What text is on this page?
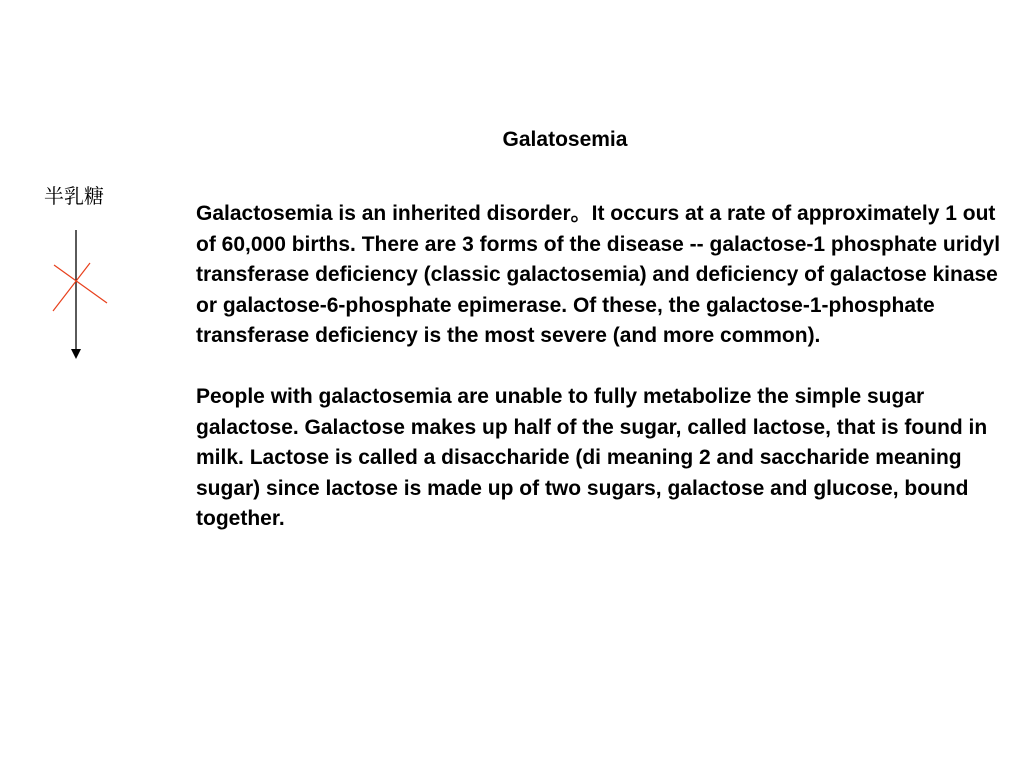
Galatosemia
半乳糖

Galactosemia is an inherited disorder。It occurs at a rate of approximately 1 out of 60,000 births. There are 3 forms of the disease -- galactose-1 phosphate uridyl transferase deficiency (classic galactosemia) and deficiency of galactose kinase or galactose-6-phosphate epimerase. Of these, the galactose-1-phosphate transferase deficiency is the most severe (and more common).

People with galactosemia are unable to fully metabolize the simple sugar galactose. Galactose makes up half of the sugar, called lactose, that is found in milk. Lactose is called a disaccharide (di meaning 2 and saccharide meaning sugar) since lactose is made up of two sugars, galactose and glucose, bound together.
